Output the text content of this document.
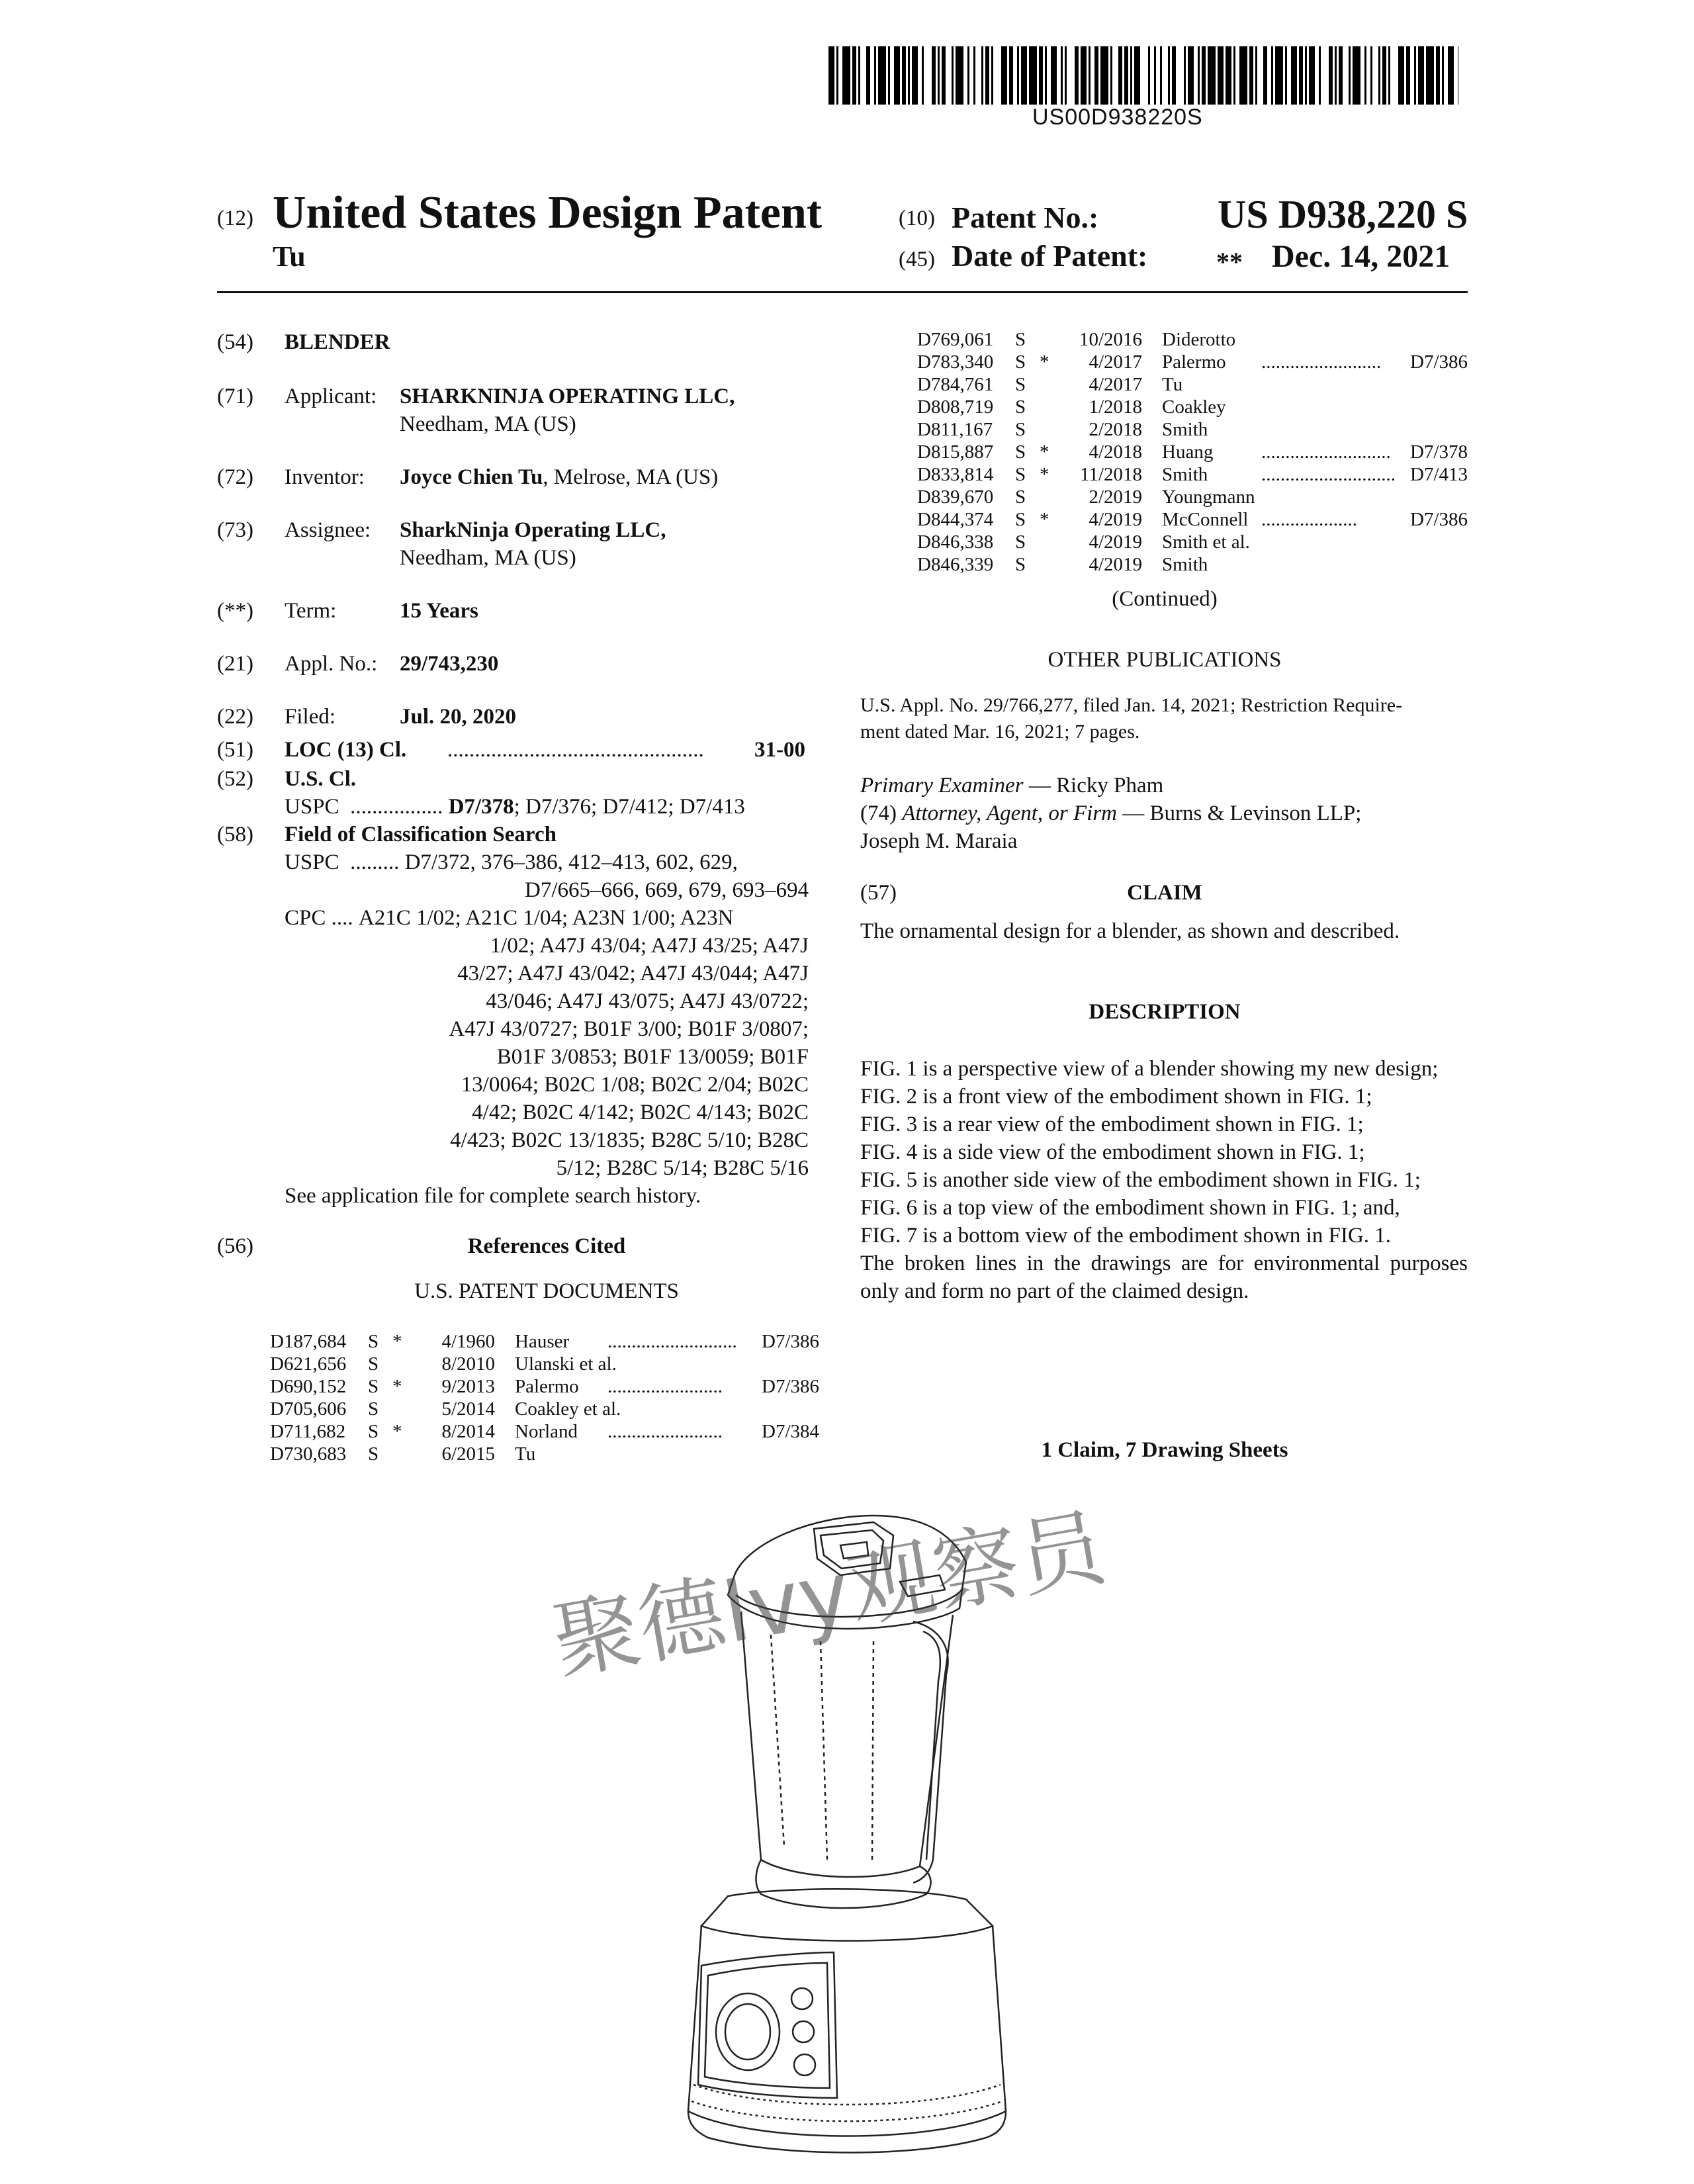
US00D938220S
(12) United States Design Patent
Tu
(10) Patent No.:	US D938,220 S
(45) Date of Patent:	** Dec. 14, 2021
(54) BLENDER
(71) Applicant: SHARKNINJA OPERATING LLC,
Needham, MA (US)
(72) Inventor: Joyce Chien Tu, Melrose, MA (US)
(73) Assignee: SharkNinja Operating LLC,
Needham, MA (US)
(**) Term:	15 Years
(21) Appl. No.: 29/743,230
(22) Filed:	Jul. 20, 2020
(51) LOC (13) Cl. ...............................................	31-00
(52) U.S. Cl.
USPC ................. D7/378; D7/376; D7/412; D7/413
(58) Field of Classification Search
USPC ......... D7/372, 376–386, 412–413, 602, 629,
D7/665–666, 669, 679, 693–694
CPC .... A21C 1/02; A21C 1/04; A23N 1/00; A23N
1/02; A47J 43/04; A47J 43/25; A47J
43/27; A47J 43/042; A47J 43/044; A47J
43/046; A47J 43/075; A47J 43/0722;
A47J 43/0727; B01F 3/00; B01F 3/0807;
B01F 3/0853; B01F 13/0059; B01F
13/0064; B02C 1/08; B02C 2/04; B02C
4/42; B02C 4/142; B02C 4/143; B02C
4/423; B02C 13/1835; B28C 5/10; B28C
5/12; B28C 5/14; B28C 5/16
See application file for complete search history.
(56)	References Cited
U.S. PATENT DOCUMENTS
D187,684 S * 4/1960 Hauser ........................... D7/386
D621,656 S	8/2010 Ulanski et al.
D690,152 S * 9/2013 Palermo ........................ D7/386
D705,606 S	5/2014 Coakley et al.
D711,682 S * 8/2014 Norland ........................ D7/384
D730,683 S	6/2015 Tu
D769,061 S	10/2016 Diderotto
D783,340 S * 4/2017 Palermo ......................... D7/386
D784,761 S	4/2017 Tu
D808,719 S	1/2018 Coakley
D811,167 S	2/2018 Smith
D815,887 S * 4/2018 Huang	........................... D7/378
D833,814 S * 11/2018 Smith	............................ D7/413
D839,670 S	2/2019 Youngmann
D844,374 S * 4/2019 McConnell ....................	D7/386
D846,338 S	4/2019 Smith et al.
D846,339 S	4/2019 Smith
(Continued)
OTHER PUBLICATIONS
U.S. Appl. No. 29/766,277, filed Jan. 14, 2021; Restriction Require-
ment dated Mar. 16, 2021; 7 pages.
Primary Examiner — Ricky Pham
(74) Attorney, Agent, or Firm — Burns & Levinson LLP;
Joseph M. Maraia
(57)	CLAIM
The ornamental design for a blender, as shown and described.
DESCRIPTION
FIG. 1 is a perspective view of a blender showing my new design;
FIG. 2 is a front view of the embodiment shown in FIG. 1;
FIG. 3 is a rear view of the embodiment shown in FIG. 1;
FIG. 4 is a side view of the embodiment shown in FIG. 1;
FIG. 5 is another side view of the embodiment shown in FIG. 1;
FIG. 6 is a top view of the embodiment shown in FIG. 1; and,
FIG. 7 is a bottom view of the embodiment shown in FIG. 1.
The broken lines in the drawings are for environmental purposes only and form no part of the claimed design.
1 Claim, 7 Drawing Sheets
聚德Ivy观察员
